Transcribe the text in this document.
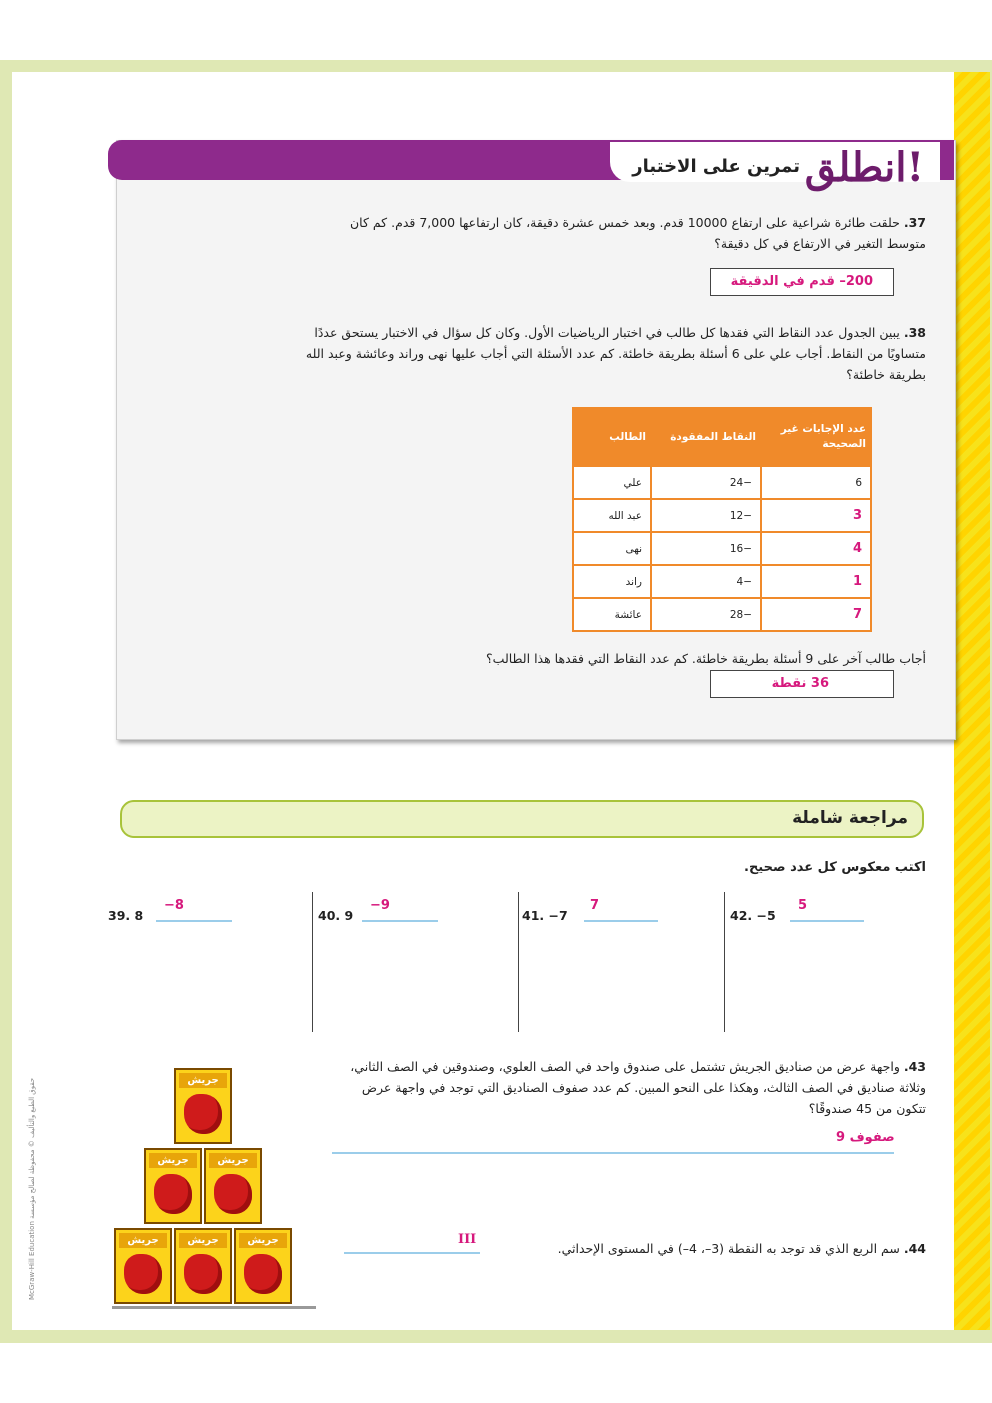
انطلق!
تمرين على الاختبار
37. حلقت طائرة شراعية على ارتفاع 10000 قدم. وبعد خمس عشرة دقيقة، كان ارتفاعها 7,000 قدم. كم كان متوسط التغير في الارتفاع في كل دقيقة؟
200– قدم في الدقيقة
38. يبين الجدول عدد النقاط التي فقدها كل طالب في اختبار الرياضيات الأول. وكان كل سؤال في الاختبار يستحق عددًا متساويًا من النقاط. أجاب علي على 6 أسئلة بطريقة خاطئة. كم عدد الأسئلة التي أجاب عليها نهى وراند وعائشة وعبد الله بطريقة خاطئة؟
عدد الإجابات غير الصحيحة	النقاط المفقودة	الطالب
6	−24	علي
3	−12	عبد الله
4	−16	نهى
1	−4	راند
7	−28	عائشة
أجاب طالب آخر على 9 أسئلة بطريقة خاطئة. كم عدد النقاط التي فقدها هذا الطالب؟
36 نقطة
مراجعة شاملة
اكتب معكوس كل عدد صحيح.
39. 8
−8
40. 9
−9
41. −7
7
42. −5
5
43. واجهة عرض من صناديق الجريش تشتمل على صندوق واحد في الصف العلوي، وصندوقين في الصف الثاني، وثلاثة صناديق في الصف الثالث، وهكذا على النحو المبين. كم عدد صفوف الصناديق التي توجد في واجهة عرض تتكون من 45 صندوقًا؟
9 صفوف
44. سم الربع الذي قد توجد به النقطة (3–، 4–) في المستوى الإحداثي.
III
جريش
جريش	جريش
جريش	جريش	جريش
McGraw-Hill Education حقوق الطبع والتأليف © محفوظة لصالح مؤسسة
